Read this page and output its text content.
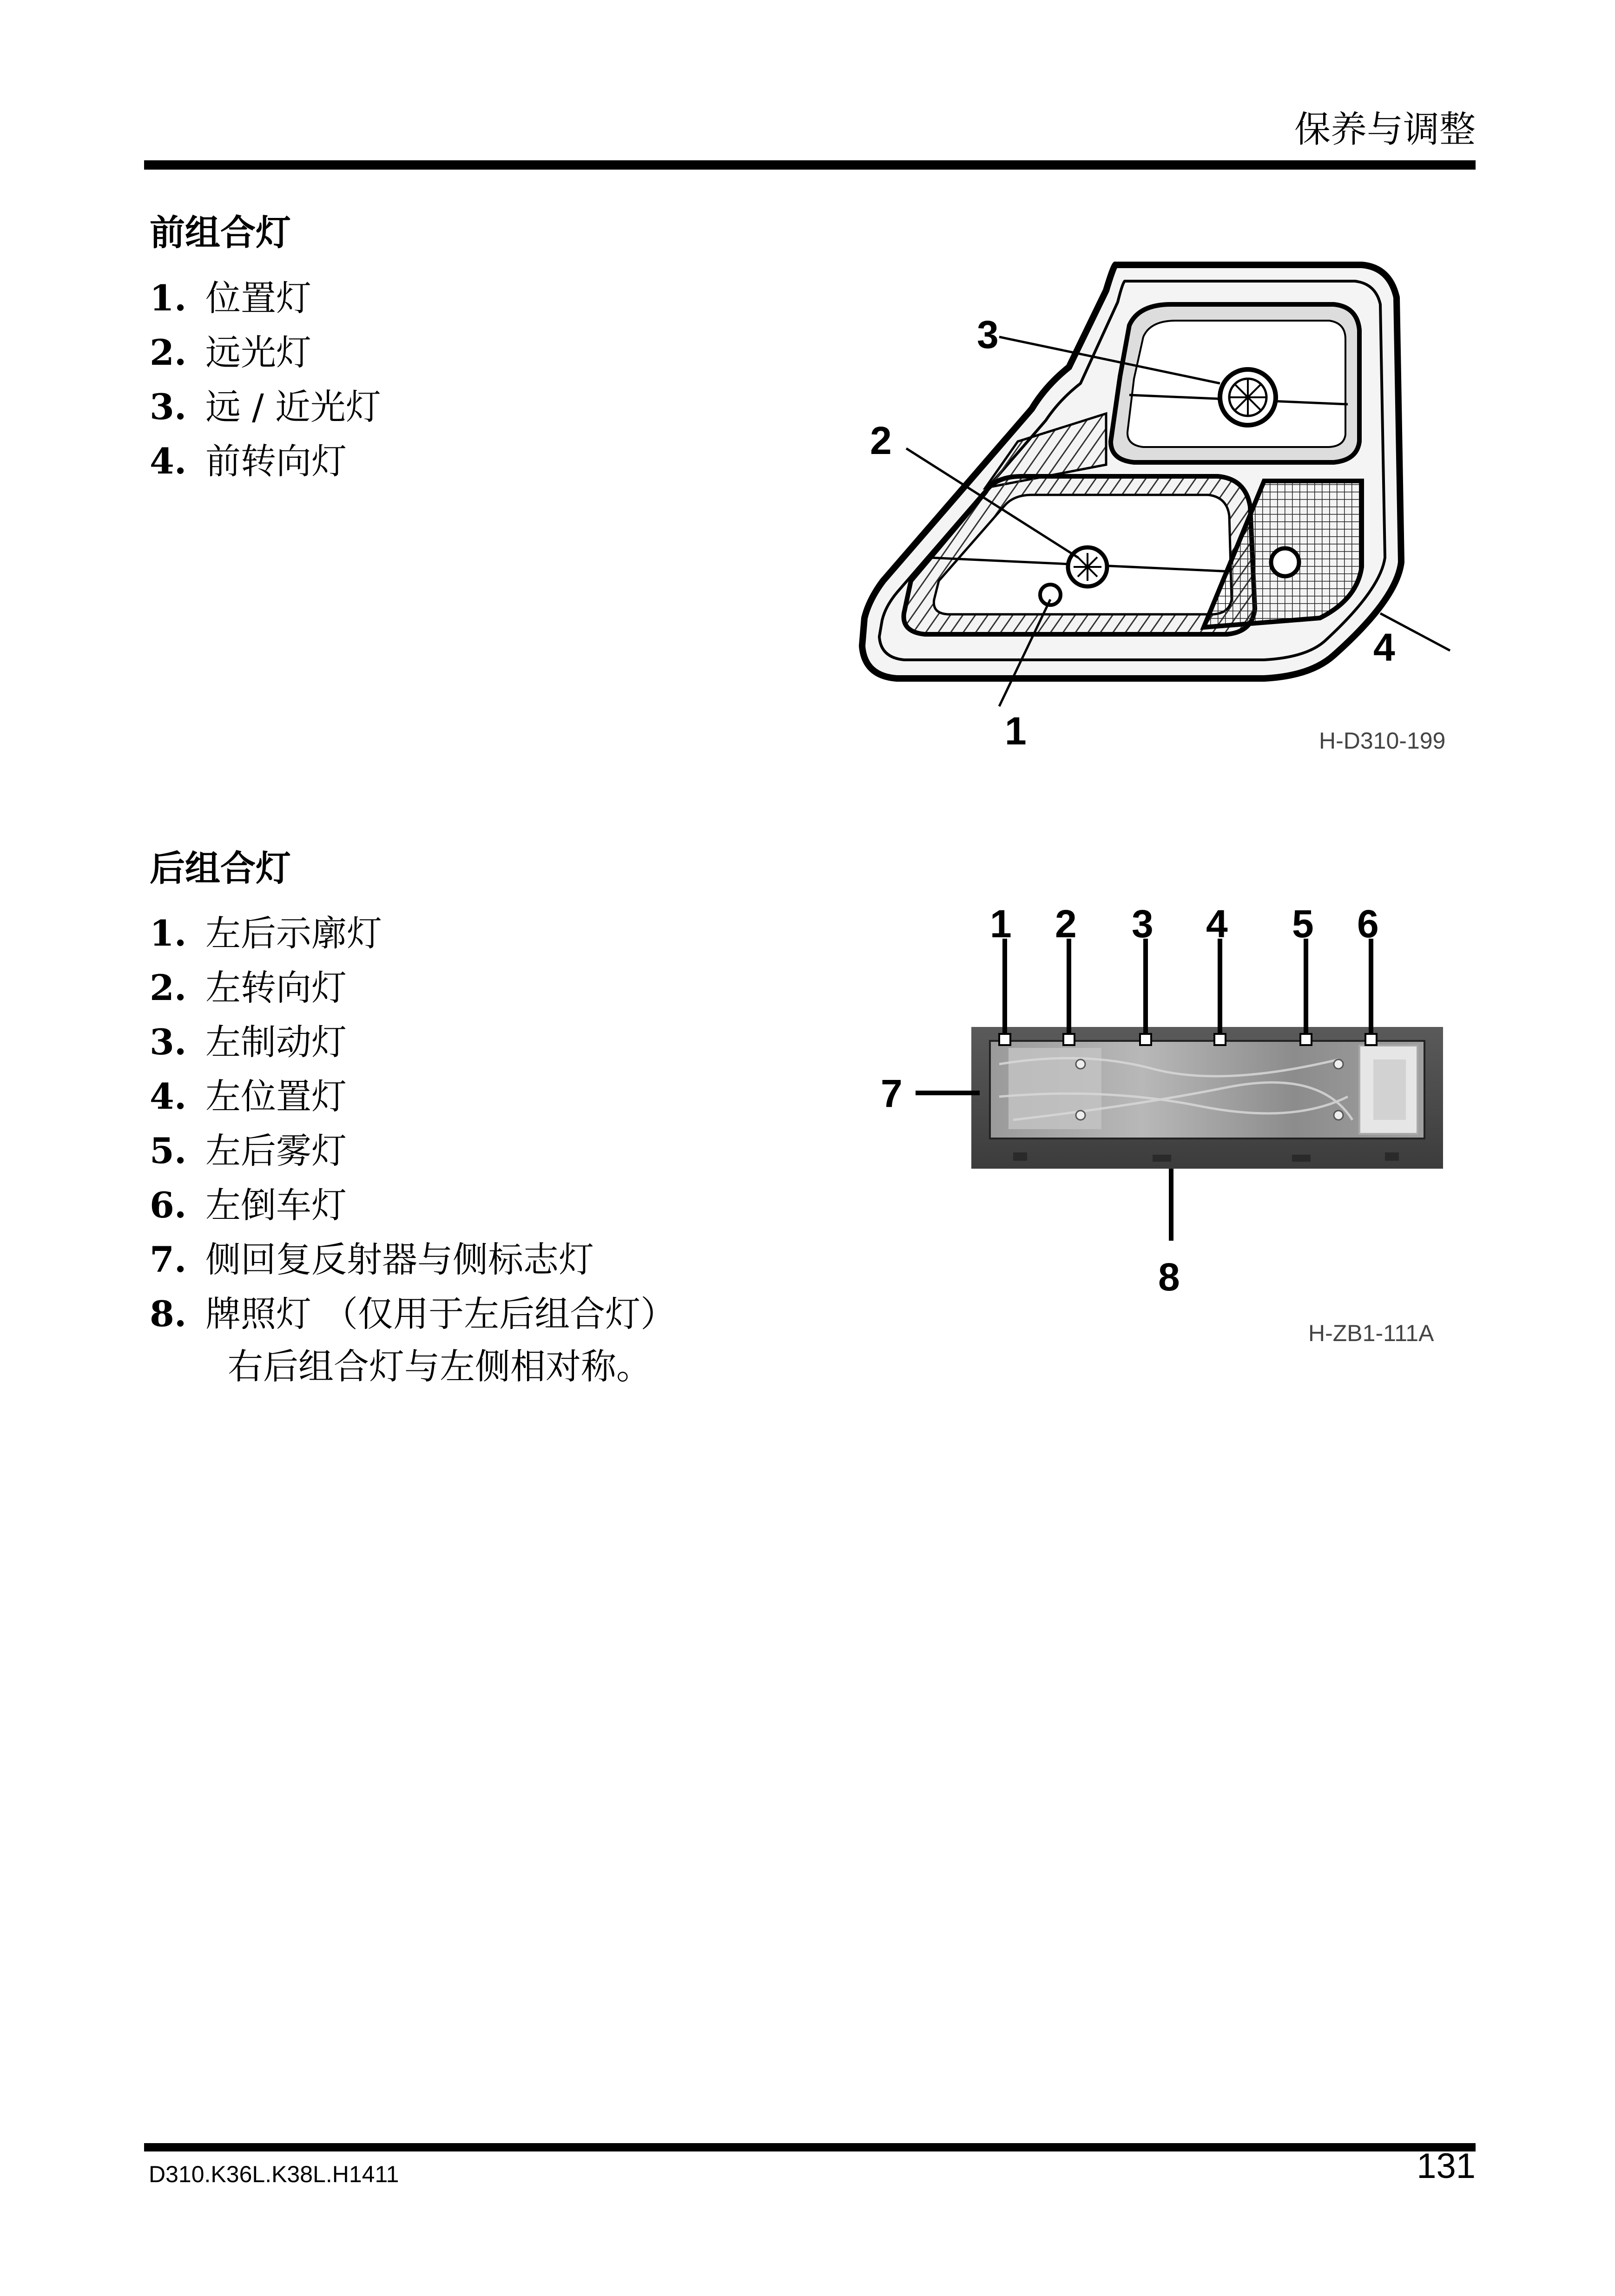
保养与调整
前组合灯
1. 位置灯
2. 远光灯
3. 远 / 近光灯
4. 前转向灯
3
2
4
1	H-D310-199
后组合灯
1. 左后示廓灯
2. 左转向灯
3. 左制动灯
4. 左位置灯
5. 左后雾灯
6. 左倒车灯
7. 侧回复反射器与侧标志灯
8. 牌照灯 （仅用于左后组合灯）
右后组合灯与左侧相对称。
1 2 3 4 5 6
7
8
H-ZB1-111A
D310.K36L.K38L.H1411	131
